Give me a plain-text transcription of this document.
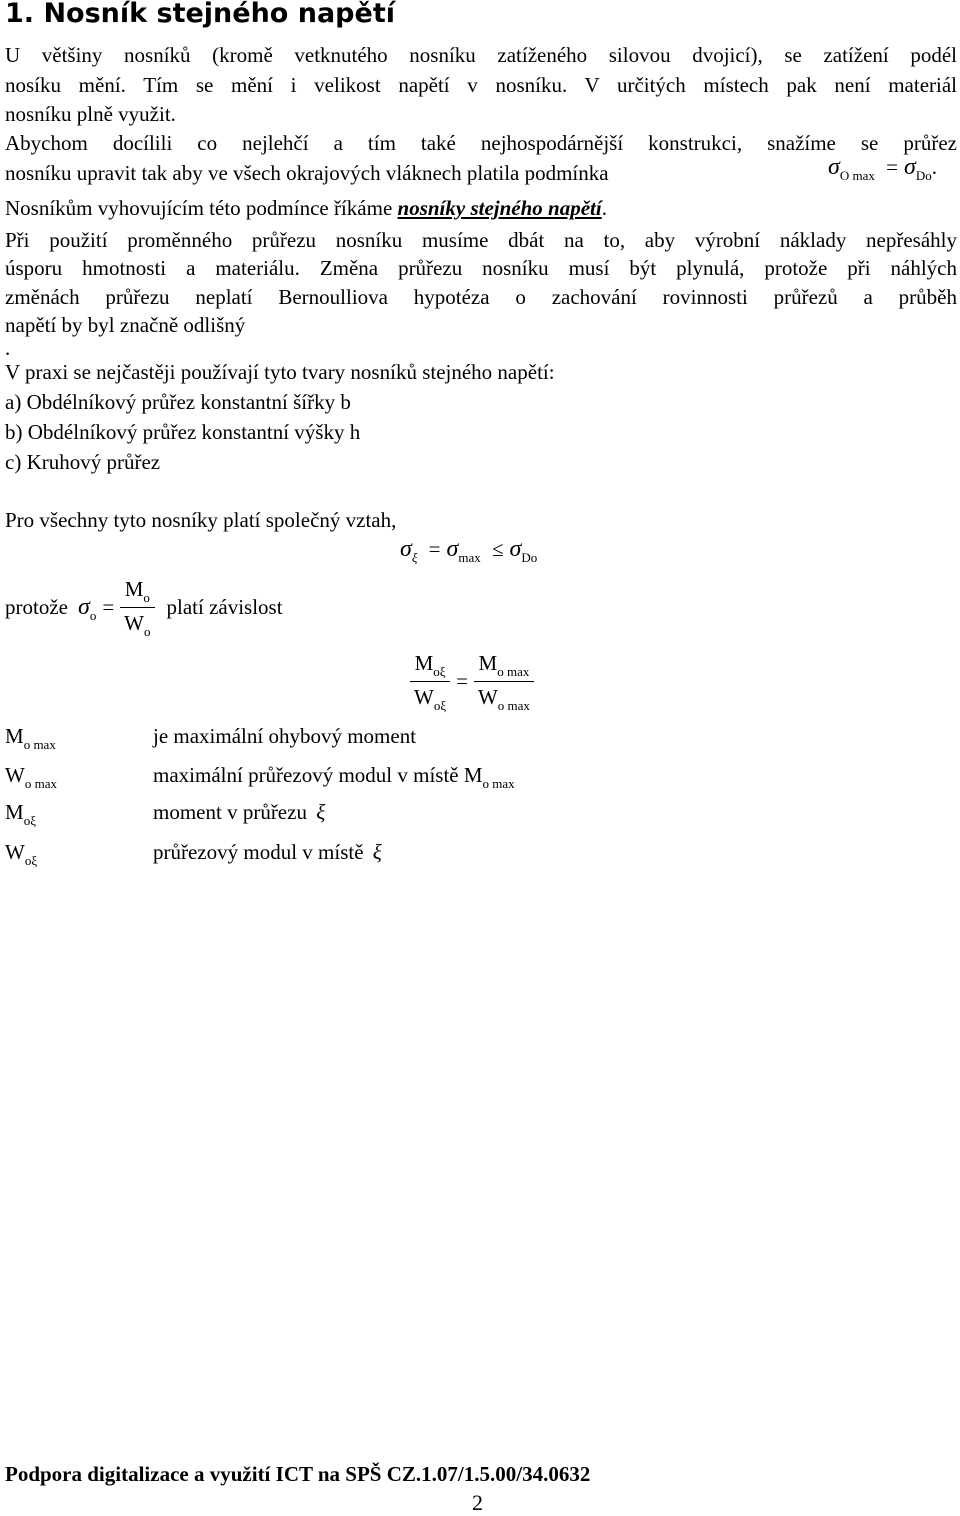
1. Nosník stejného napětí

U většiny nosníků (kromě vetknutého nosníku zatíženého silovou dvojicí), se zatížení podél

nosíku mění. Tím se mění i velikost napětí v nosníku. V určitých místech pak není materiál

nosníku plně využit.

Abychom docílili co nejlehčí a tím také nejhospodárnější konstrukci, snažíme se průřez

nosníku upravit tak aby ve všech okrajových vláknech platila podmínka	$\sigma_{O max} = \sigma_{Do}$.

Nosníkům vyhovujícím této podmínce říkáme nosníky stejného napětí.

Při použití proměnného průřezu nosníku musíme dbát na to, aby výrobní náklady nepřesáhly

úsporu hmotnosti a materiálu. Změna průřezu nosníku musí být plynulá, protože při náhlých

změnách průřezu neplatí Bernoulliova hypotéza o zachování rovinnosti průřezů a průběh

napětí by byl značně odlišný

.

V praxi se nejčastěji používají tyto tvary nosníků stejného napětí:

a) Obdélníkový průřez konstantní šířky b

b) Obdélníkový průřez konstantní výšky h

c) Kruhový průřez

Pro všechny tyto nosníky platí společný vztah,

$\sigma_\xi = \sigma_{max} \le \sigma_{Do}$
protože $\sigma_o = \frac{M_o}{W_o}$ platí závislost
$\frac{M_{o\xi}}{W_{o\xi}} = \frac{M_{o max}}{W_{o max}}$
$M_{o max}$	je maximální ohybový moment
$W_{o max}$	maximální průřezový modul v místě $M_{o max}$
$M_{o\xi}$	moment v průřezu ξ
$W_{o\xi}$	průřezový modul v místě ξ
Podpora digitalizace a využití ICT na SPŠ CZ.1.07/1.5.00/34.0632
2
